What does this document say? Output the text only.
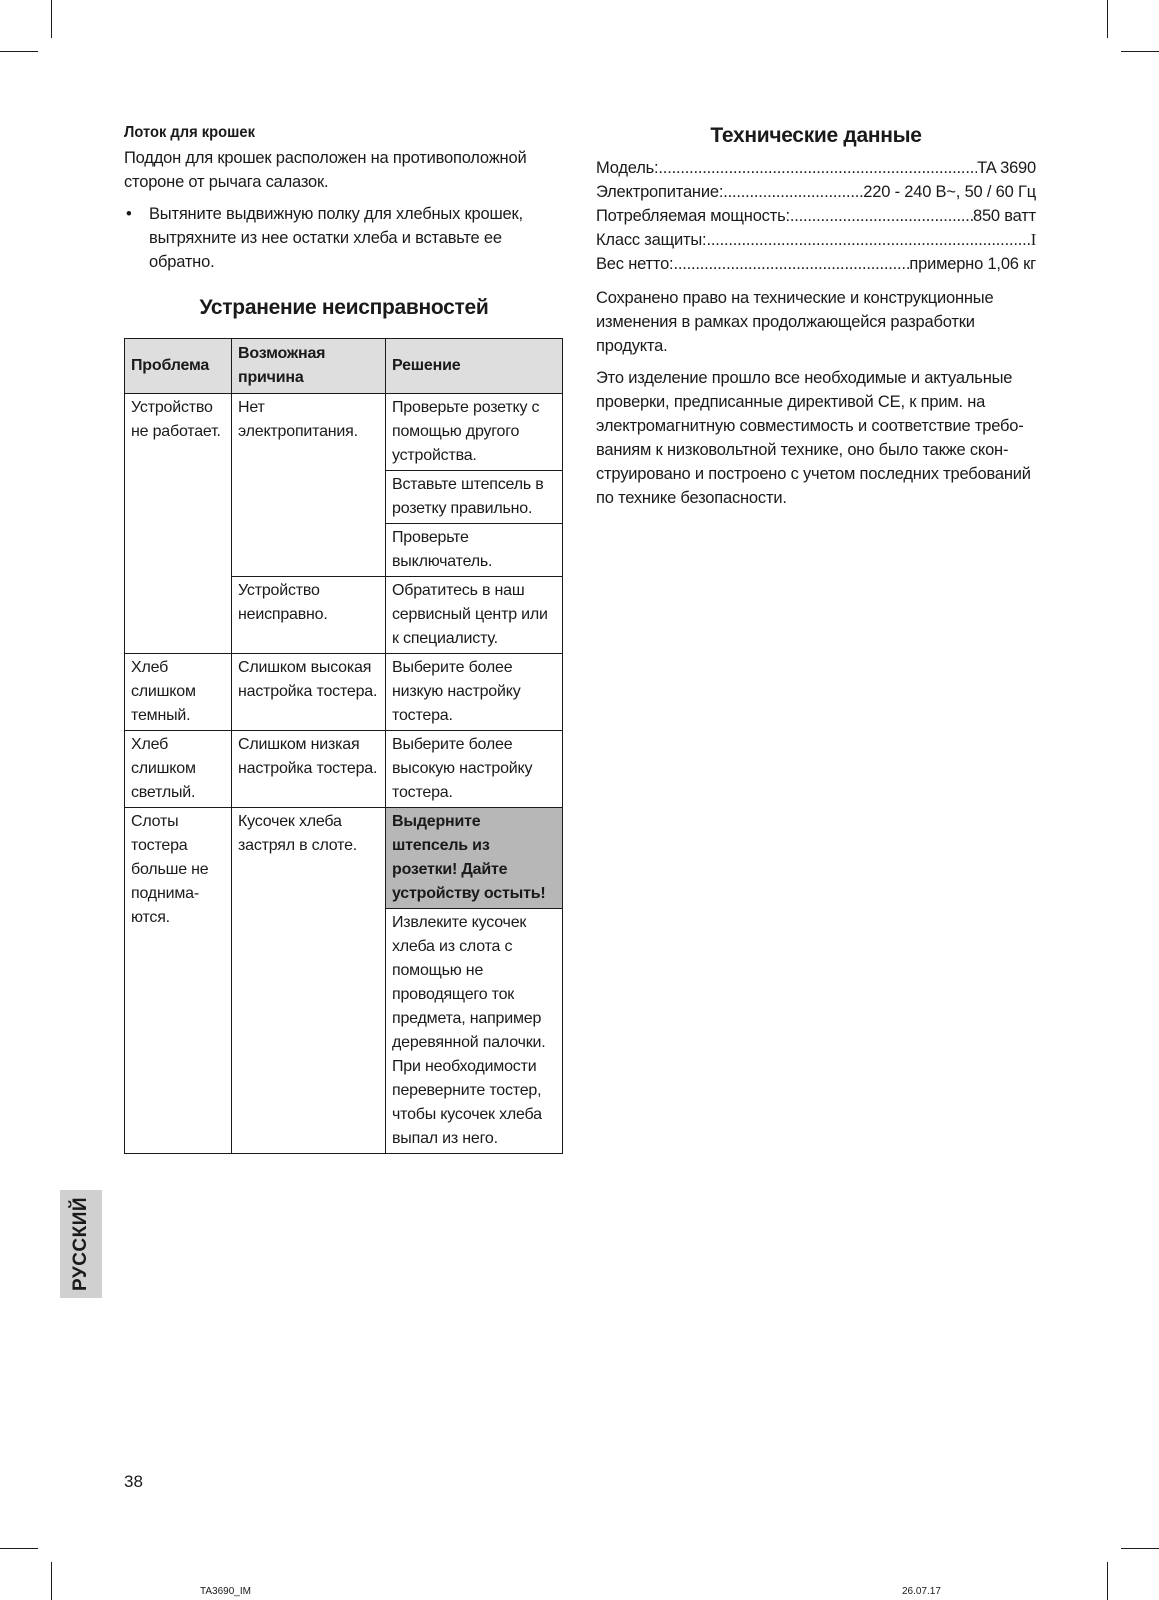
Лоток для крошек

Поддон для крошек расположен на противоположной стороне от рычага салазок.

• Вытяните выдвижную полку для хлебных крошек, вытряхните из нее остатки хлеба и вставьте ее обратно.

Устранение неисправностей

Проблема	Возможная причина	Решение
Устройство не работает.	Нет электропитания.	Проверьте розетку с помощью другого устройства.
		Вставьте штепсель в розетку правильно.
		Проверьте выключатель.
	Устройство неисправно.	Обратитесь в наш сервисный центр или к специалисту.
Хлеб слишком темный.	Слишком высокая настройка тостера.	Выберите более низкую настройку тостера.
Хлеб слишком светлый.	Слишком низкая настройка тостера.	Выберите более высокую настройку тостера.
Слоты тостера больше не поднима-ются.	Кусочек хлеба застрял в слоте.	Выдерните штепсель из розетки! Дайте устройству остыть!
		Извлеките кусочек хлеба из слота с помощью не проводящего ток предмета, например деревянной палочки. При необходимости переверните тостер, чтобы кусочек хлеба выпал из него.

Технические данные

Модель: .....	TA 3690
Электропитание: .....	220 - 240 В~, 50 / 60 Гц
Потребляемая мощность: .....	850 ватт
Класс защиты: .....	I
Вес нетто: .....	примерно 1,06 кг

Сохранено право на технические и конструкционные изменения в рамках продолжающейся разработки продукта.

Это изделение прошло все необходимые и актуальные проверки, предписанные директивой CE, к прим. на электромагнитную совместимость и соответствие требо-ваниям к низковольтной технике, оно было также скон-струировано и построено с учетом последних требований по технике безопасности.

РУССКИЙ
38
TA3690_IM	26.07.17
